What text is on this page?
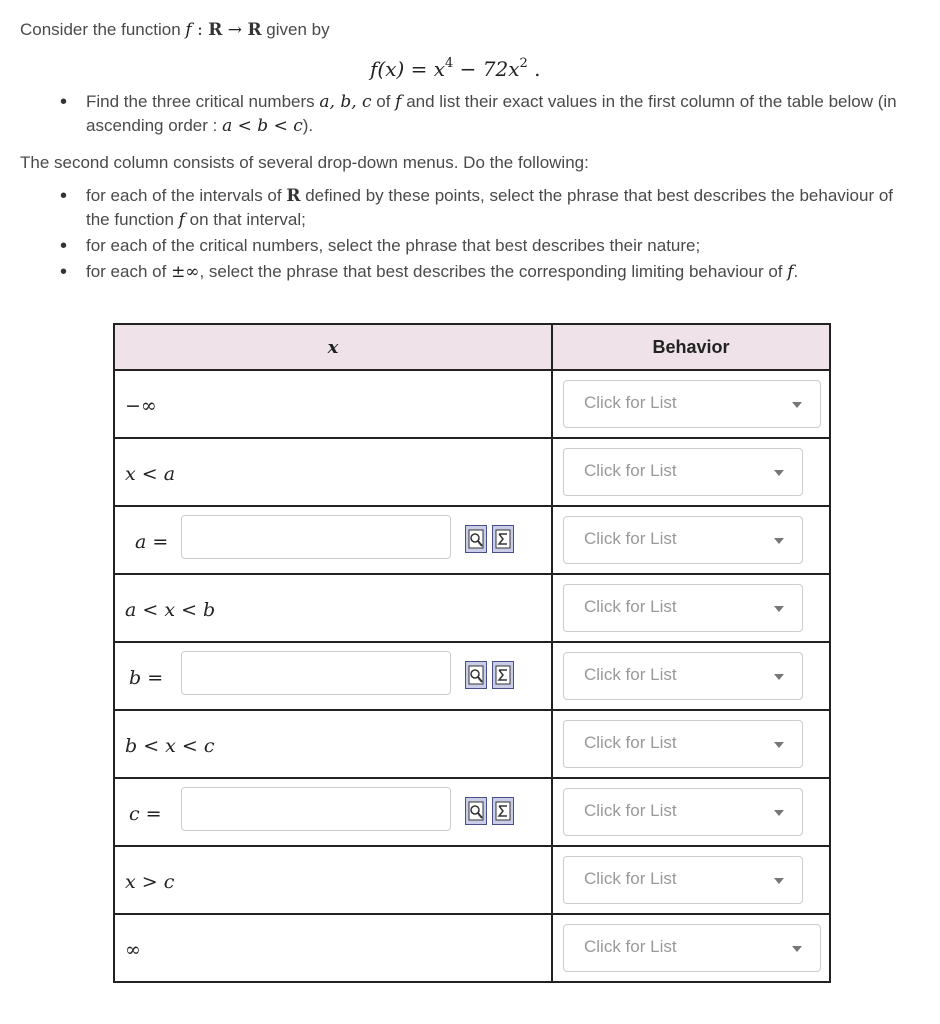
Consider the function f : R → R given by
$f(x) = x^4 - 72x^2$ .
• Find the three critical numbers a, b, c of f and list their exact values in the first column of the table below (in ascending order : a < b < c).
The second column consists of several drop-down menus. Do the following:
• for each of the intervals of R defined by these points, select the phrase that best describes the behaviour of the function f on that interval;
• for each of the critical numbers, select the phrase that best describes their nature;
• for each of ±∞, select the phrase that best describes the corresponding limiting behaviour of f.
x	Behavior

−∞	Click for List

x < a	Click for List

a =	Click for List

a < x < b	Click for List

b =	Click for List

b < x < c	Click for List

c =	Click for List

x > c	Click for List

∞	Click for List
